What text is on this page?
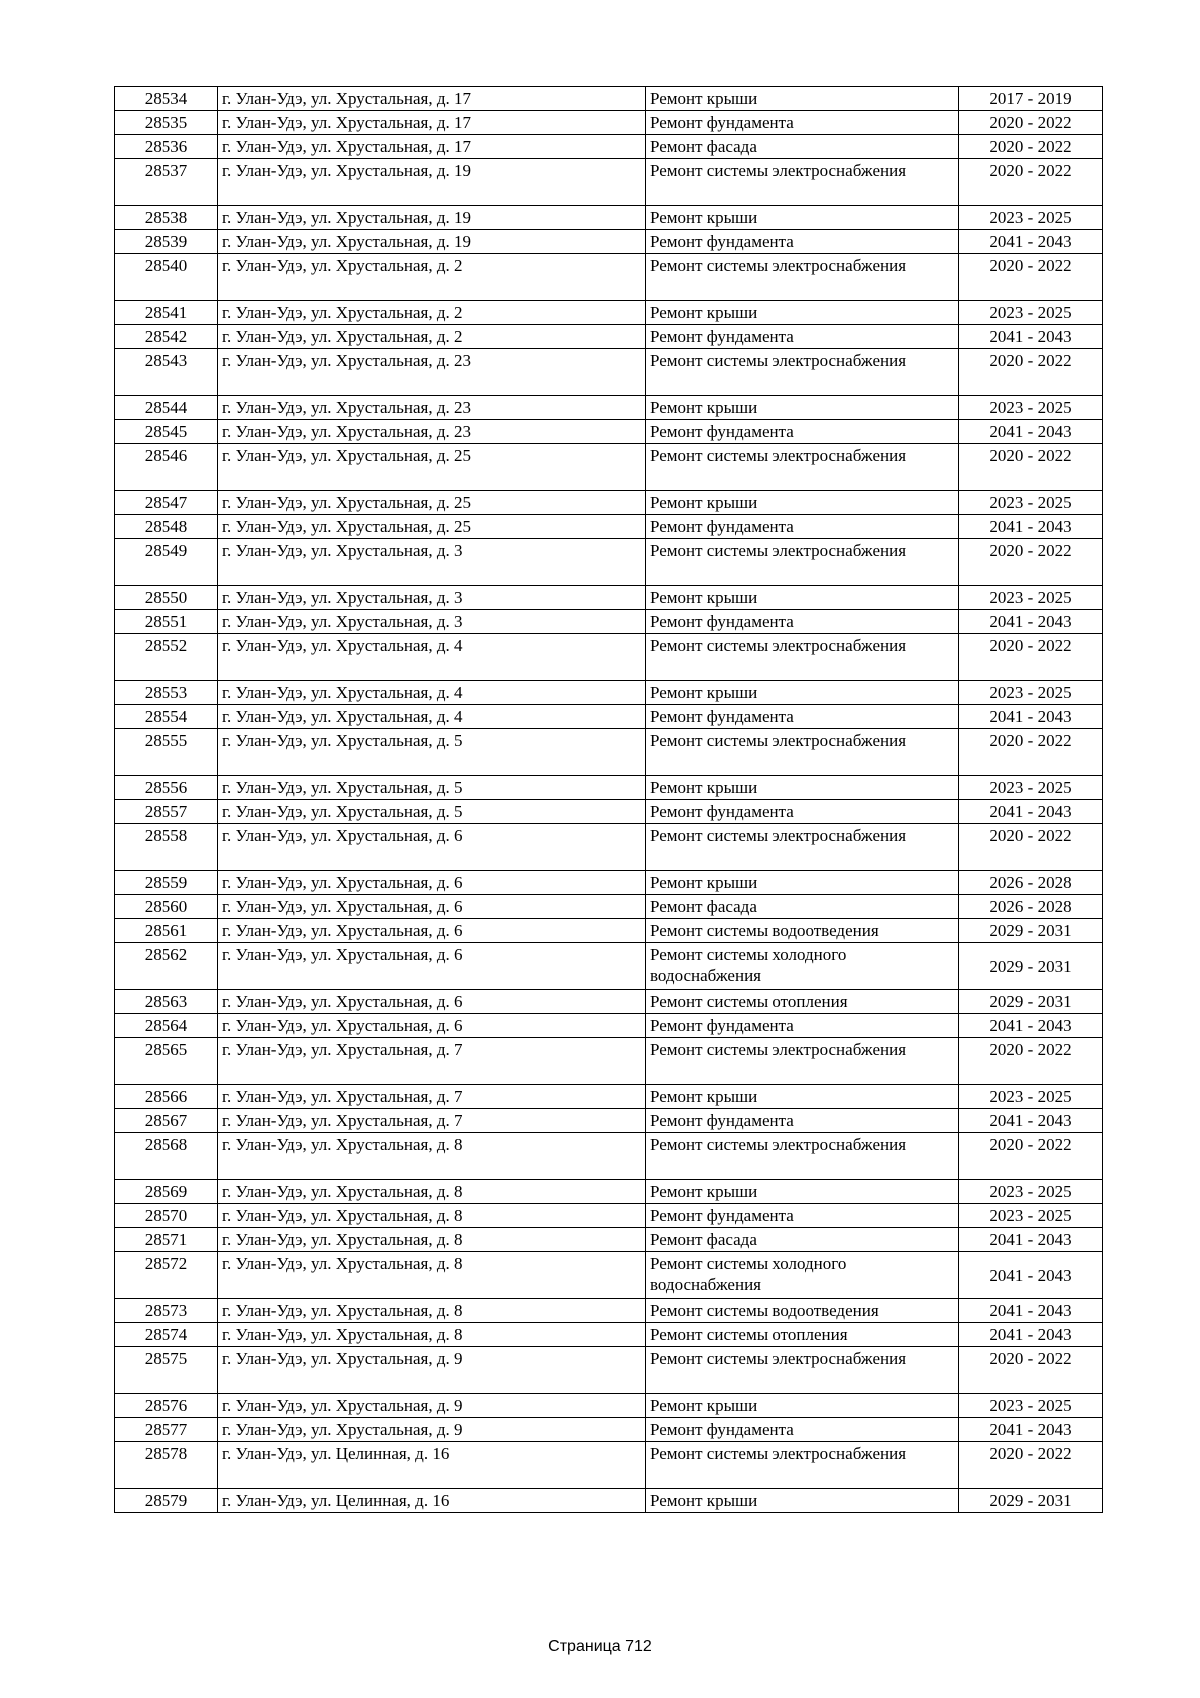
28534	г. Улан-Удэ, ул. Хрустальная, д. 17	Ремонт крыши	2017 - 2019
28535	г. Улан-Удэ, ул. Хрустальная, д. 17	Ремонт фундамента	2020 - 2022
28536	г. Улан-Удэ, ул. Хрустальная, д. 17	Ремонт фасада	2020 - 2022
28537	г. Улан-Удэ, ул. Хрустальная, д. 19	Ремонт системы электроснабжения	2020 - 2022
28538	г. Улан-Удэ, ул. Хрустальная, д. 19	Ремонт крыши	2023 - 2025
28539	г. Улан-Удэ, ул. Хрустальная, д. 19	Ремонт фундамента	2041 - 2043
28540	г. Улан-Удэ, ул. Хрустальная, д. 2	Ремонт системы электроснабжения	2020 - 2022
28541	г. Улан-Удэ, ул. Хрустальная, д. 2	Ремонт крыши	2023 - 2025
28542	г. Улан-Удэ, ул. Хрустальная, д. 2	Ремонт фундамента	2041 - 2043
28543	г. Улан-Удэ, ул. Хрустальная, д. 23	Ремонт системы электроснабжения	2020 - 2022
28544	г. Улан-Удэ, ул. Хрустальная, д. 23	Ремонт крыши	2023 - 2025
28545	г. Улан-Удэ, ул. Хрустальная, д. 23	Ремонт фундамента	2041 - 2043
28546	г. Улан-Удэ, ул. Хрустальная, д. 25	Ремонт системы электроснабжения	2020 - 2022
28547	г. Улан-Удэ, ул. Хрустальная, д. 25	Ремонт крыши	2023 - 2025
28548	г. Улан-Удэ, ул. Хрустальная, д. 25	Ремонт фундамента	2041 - 2043
28549	г. Улан-Удэ, ул. Хрустальная, д. 3	Ремонт системы электроснабжения	2020 - 2022
28550	г. Улан-Удэ, ул. Хрустальная, д. 3	Ремонт крыши	2023 - 2025
28551	г. Улан-Удэ, ул. Хрустальная, д. 3	Ремонт фундамента	2041 - 2043
28552	г. Улан-Удэ, ул. Хрустальная, д. 4	Ремонт системы электроснабжения	2020 - 2022
28553	г. Улан-Удэ, ул. Хрустальная, д. 4	Ремонт крыши	2023 - 2025
28554	г. Улан-Удэ, ул. Хрустальная, д. 4	Ремонт фундамента	2041 - 2043
28555	г. Улан-Удэ, ул. Хрустальная, д. 5	Ремонт системы электроснабжения	2020 - 2022
28556	г. Улан-Удэ, ул. Хрустальная, д. 5	Ремонт крыши	2023 - 2025
28557	г. Улан-Удэ, ул. Хрустальная, д. 5	Ремонт фундамента	2041 - 2043
28558	г. Улан-Удэ, ул. Хрустальная, д. 6	Ремонт системы электроснабжения	2020 - 2022
28559	г. Улан-Удэ, ул. Хрустальная, д. 6	Ремонт крыши	2026 - 2028
28560	г. Улан-Удэ, ул. Хрустальная, д. 6	Ремонт фасада	2026 - 2028
28561	г. Улан-Удэ, ул. Хрустальная, д. 6	Ремонт системы водоотведения	2029 - 2031
28562	г. Улан-Удэ, ул. Хрустальная, д. 6	Ремонт системы холодного водоснабжения	2029 - 2031
28563	г. Улан-Удэ, ул. Хрустальная, д. 6	Ремонт системы отопления	2029 - 2031
28564	г. Улан-Удэ, ул. Хрустальная, д. 6	Ремонт фундамента	2041 - 2043
28565	г. Улан-Удэ, ул. Хрустальная, д. 7	Ремонт системы электроснабжения	2020 - 2022
28566	г. Улан-Удэ, ул. Хрустальная, д. 7	Ремонт крыши	2023 - 2025
28567	г. Улан-Удэ, ул. Хрустальная, д. 7	Ремонт фундамента	2041 - 2043
28568	г. Улан-Удэ, ул. Хрустальная, д. 8	Ремонт системы электроснабжения	2020 - 2022
28569	г. Улан-Удэ, ул. Хрустальная, д. 8	Ремонт крыши	2023 - 2025
28570	г. Улан-Удэ, ул. Хрустальная, д. 8	Ремонт фундамента	2023 - 2025
28571	г. Улан-Удэ, ул. Хрустальная, д. 8	Ремонт фасада	2041 - 2043
28572	г. Улан-Удэ, ул. Хрустальная, д. 8	Ремонт системы холодного водоснабжения	2041 - 2043
28573	г. Улан-Удэ, ул. Хрустальная, д. 8	Ремонт системы водоотведения	2041 - 2043
28574	г. Улан-Удэ, ул. Хрустальная, д. 8	Ремонт системы отопления	2041 - 2043
28575	г. Улан-Удэ, ул. Хрустальная, д. 9	Ремонт системы электроснабжения	2020 - 2022
28576	г. Улан-Удэ, ул. Хрустальная, д. 9	Ремонт крыши	2023 - 2025
28577	г. Улан-Удэ, ул. Хрустальная, д. 9	Ремонт фундамента	2041 - 2043
28578	г. Улан-Удэ, ул. Целинная, д. 16	Ремонт системы электроснабжения	2020 - 2022
28579	г. Улан-Удэ, ул. Целинная, д. 16	Ремонт крыши	2029 - 2031
Страница 712
